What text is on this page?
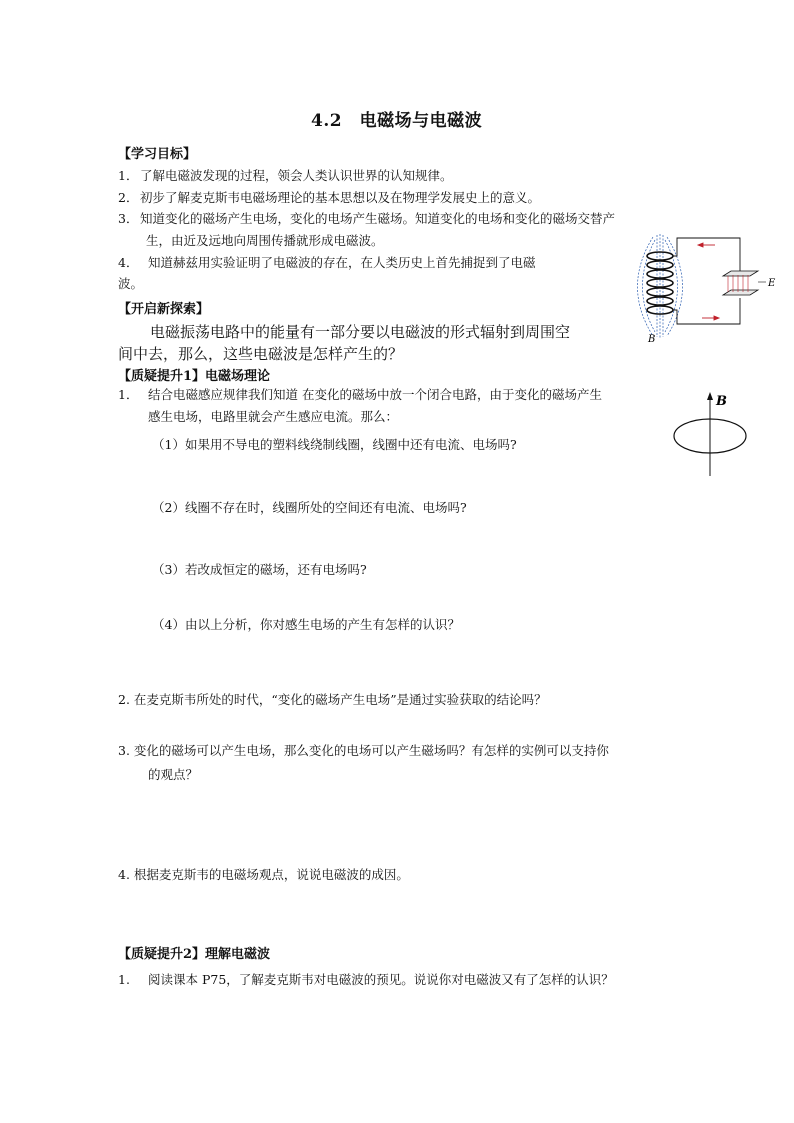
4.2　电磁场与电磁波
【学习目标】
1． 了解电磁波发现的过程，领会人类认识世界的认知规律。
2． 初步了解麦克斯韦电磁场理论的基本思想以及在物理学发展史上的意义。
3． 知道变化的磁场产生电场，变化的电场产生磁场。知道变化的电场和变化的磁场交替产
生，由近及远地向周围传播就形成电磁波。
4． 知道赫兹用实验证明了电磁波的存在，在人类历史上首先捕捉到了电磁
波。
【开启新探索】
电磁振荡电路中的能量有一部分要以电磁波的形式辐射到周围空
间中去，那么，这些电磁波是怎样产生的？
【质疑提升1】电磁场理论
1． 结合电磁感应规律我们知道 在变化的磁场中放一个闭合电路，由于变化的磁场产生
感生电场，电路里就会产生感应电流。那么：
（1）如果用不导电的塑料线绕制线圈，线圈中还有电流、电场吗?
（2）线圈不存在时，线圈所处的空间还有电流、电场吗?
（3）若改成恒定的磁场，还有电场吗?
（4）由以上分析，你对感生电场的产生有怎样的认识？
2. 在麦克斯韦所处的时代，“变化的磁场产生电场”是通过实验获取的结论吗？
3. 变化的磁场可以产生电场，那么变化的电场可以产生磁场吗？有怎样的实例可以支持你
的观点？
4. 根据麦克斯韦的电磁场观点，说说电磁波的成因。
【质疑提升2】理解电磁波
1. 阅读课本 P75，了解麦克斯韦对电磁波的预见。说说你对电磁波又有了怎样的认识？
E
B
B
